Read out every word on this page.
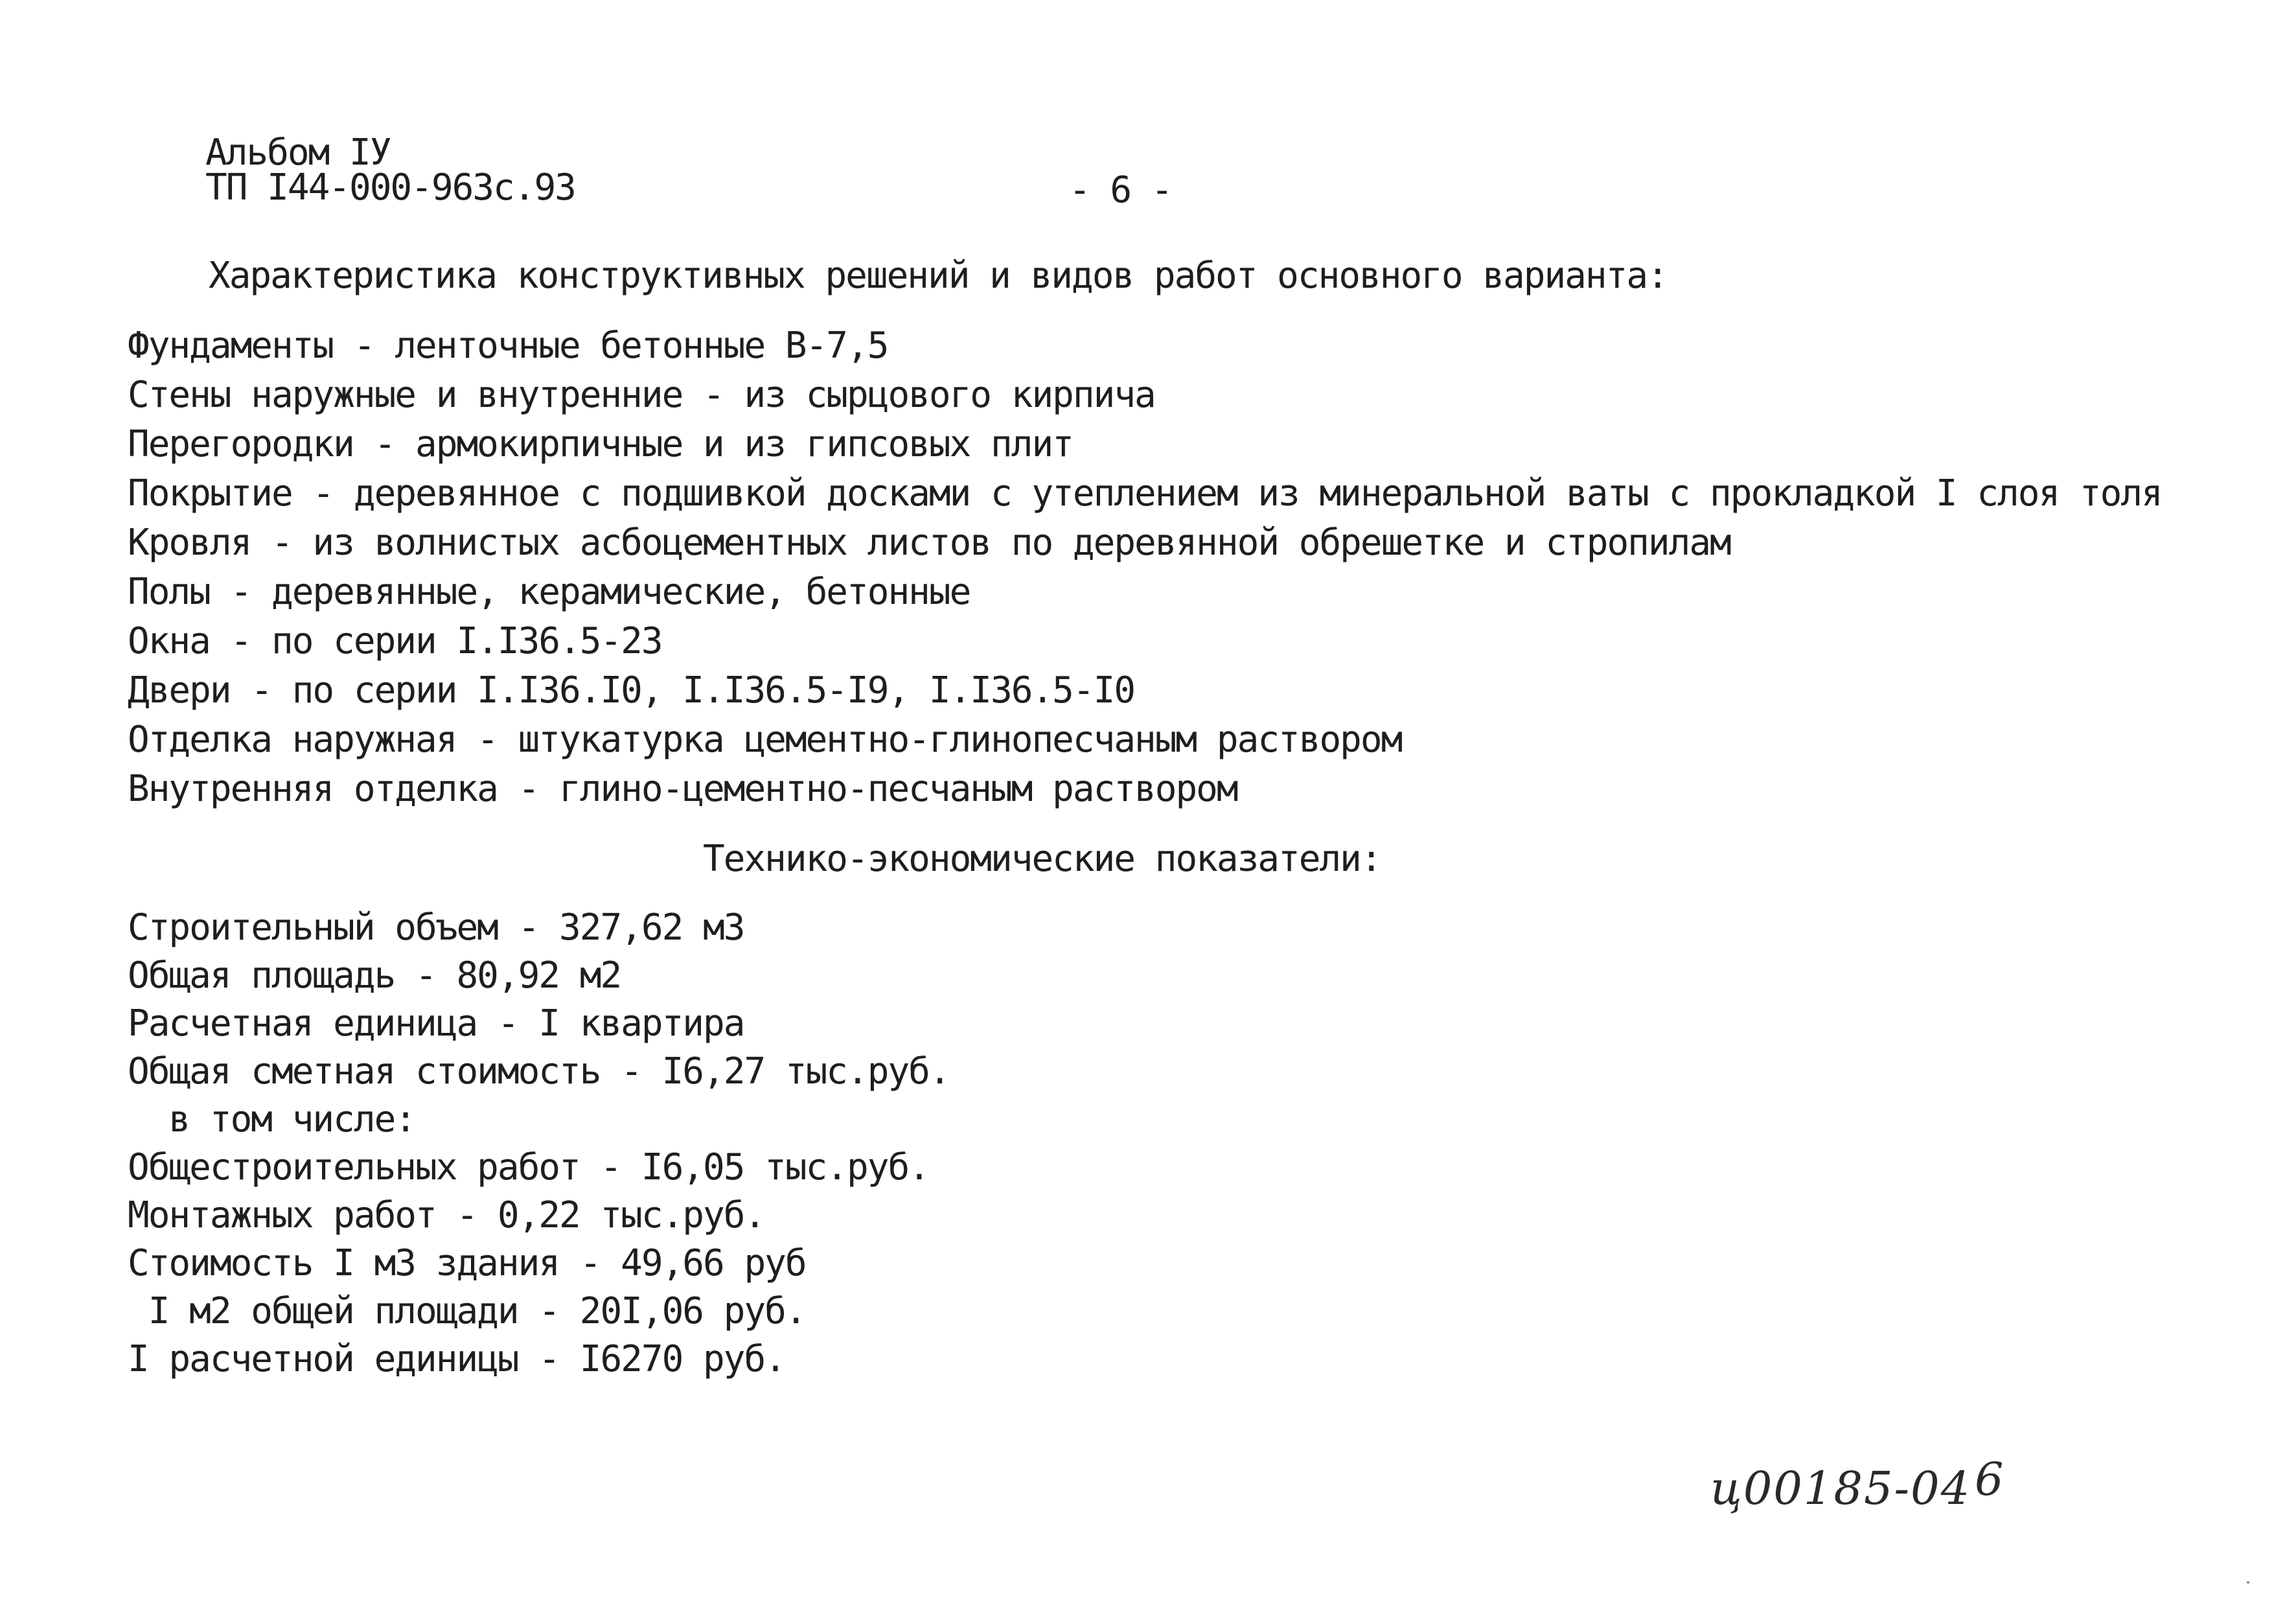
Альбом IУ
ТП I44-000-963с.93	- 6 -
Характеристика конструктивных решений и видов работ основного варианта:
Фундаменты - ленточные бетонные В-7,5
Стены наружные и внутренние - из сырцового кирпича
Перегородки - армокирпичные и из гипсовых плит
Покрытие - деревянное с подшивкой досками с утеплением из минеральной ваты с прокладкой I слоя толя
Кровля - из волнистых асбоцементных листов по деревянной обрешетке и стропилам
Полы - деревянные, керамические, бетонные
Окна - по серии I.I36.5-23
Двери - по серии I.I36.I0, I.I36.5-I9, I.I36.5-I0
Отделка наружная - штукатурка цементно-глинопесчаным раствором
Внутренняя отделка - глино-цементно-песчаным раствором
Технико-экономические показатели:
Строительный объем - 327,62 м3
Общая площадь - 80,92 м2
Расчетная единица - I квартира
Общая сметная стоимость - I6,27 тыс.руб.
в том числе:
Общестроительных работ - I6,05 тыс.руб.
Монтажных работ - 0,22 тыс.руб.
Стоимость I м3 здания - 49,66 руб
I м2 общей площади - 20I,06 руб.
I расчетной единицы - I6270 руб.
ц00185-04 6
